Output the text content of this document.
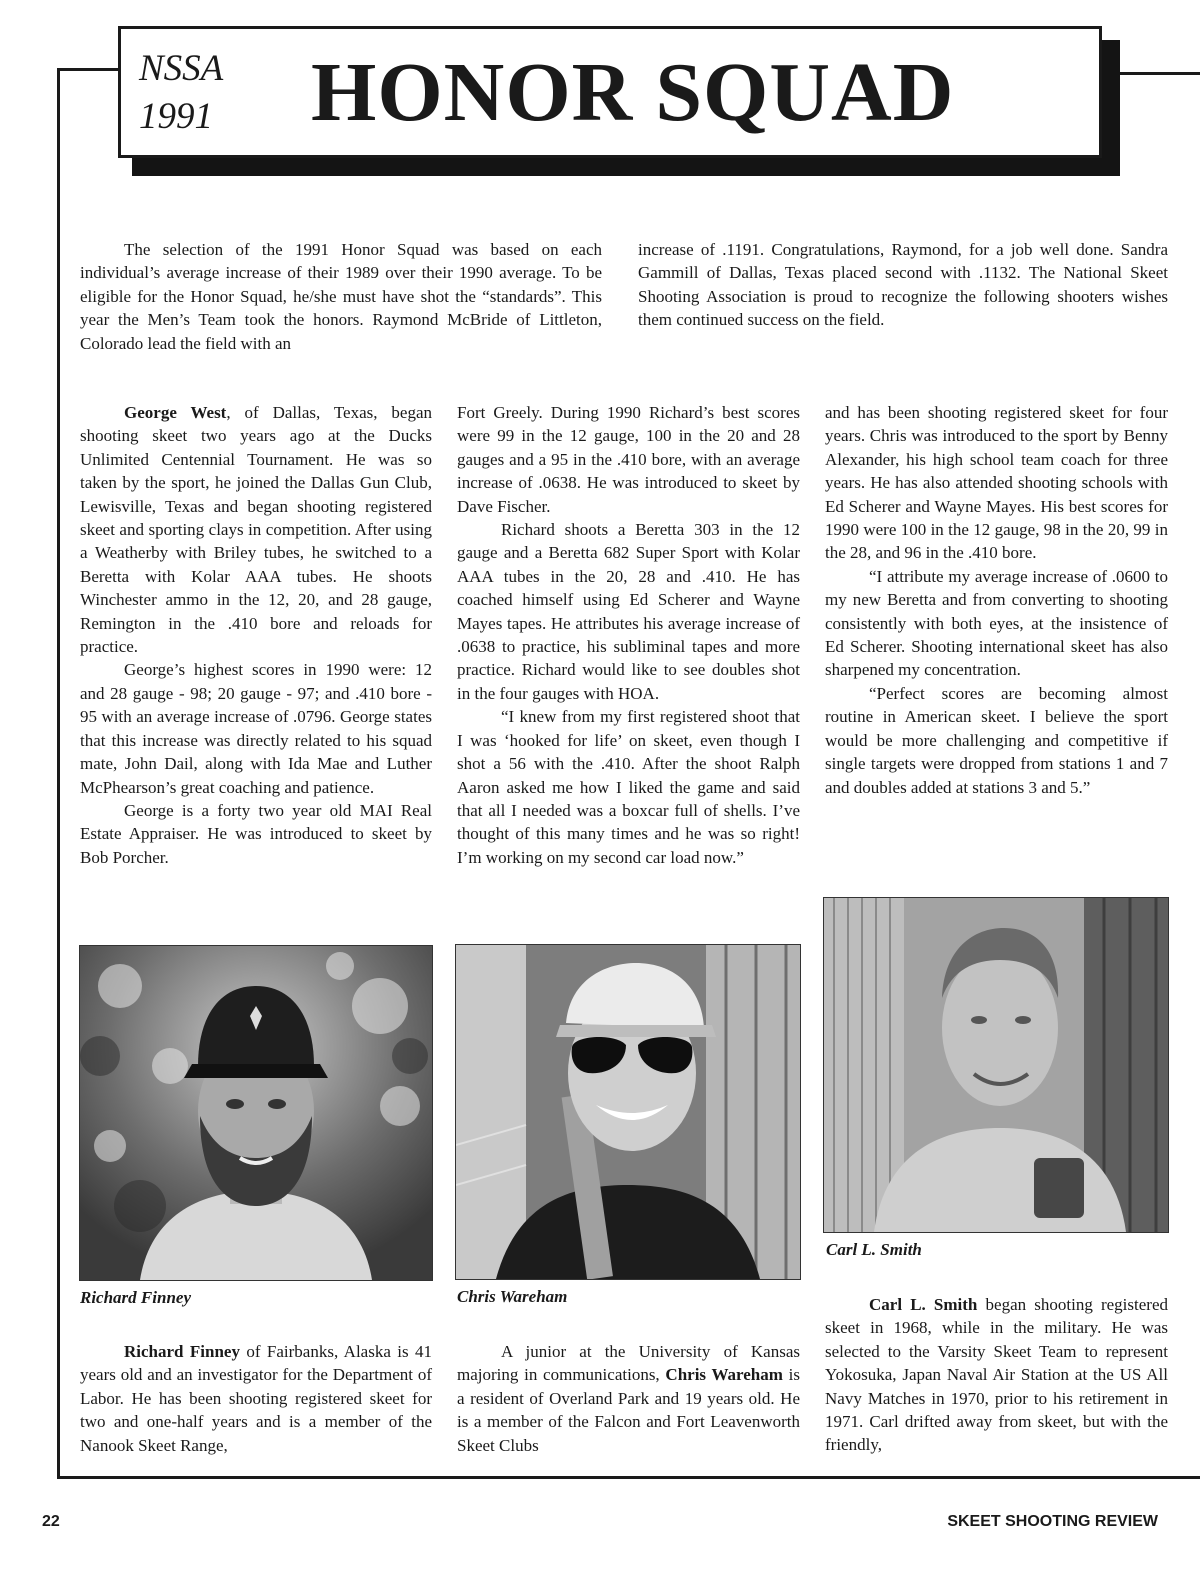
NSSA
1991	HONOR SQUAD

The selection of the 1991 Honor Squad was based on each individual’s average increase of their 1989 over their 1990 average. To be eligible for the Honor Squad, he/she must have shot the “standards”. This year the Men’s Team took the honors. Raymond McBride of Littleton, Colorado lead the field with an

increase of .1191. Congratulations, Raymond, for a job well done. Sandra Gammill of Dallas, Texas placed second with .1132. The National Skeet Shooting Association is proud to recognize the following shooters wishes them continued success on the field.

George West, of Dallas, Texas, began shooting skeet two years ago at the Ducks Unlimited Centennial Tournament. He was so taken by the sport, he joined the Dallas Gun Club, Lewisville, Texas and began shooting registered skeet and sporting clays in competition. After using a Weatherby with Briley tubes, he switched to a Beretta with Kolar AAA tubes. He shoots Winchester ammo in the 12, 20, and 28 gauge, Remington in the .410 bore and reloads for practice.

George’s highest scores in 1990 were: 12 and 28 gauge - 98; 20 gauge - 97; and .410 bore - 95 with an average increase of .0796. George states that this increase was directly related to his squad mate, John Dail, along with Ida Mae and Luther McPhearson’s great coaching and patience.

George is a forty two year old MAI Real Estate Appraiser. He was introduced to skeet by Bob Porcher.

Fort Greely. During 1990 Richard’s best scores were 99 in the 12 gauge, 100 in the 20 and 28 gauges and a 95 in the .410 bore, with an average increase of .0638. He was introduced to skeet by Dave Fischer.

Richard shoots a Beretta 303 in the 12 gauge and a Beretta 682 Super Sport with Kolar AAA tubes in the 20, 28 and .410. He has coached himself using Ed Scherer and Wayne Mayes tapes. He attributes his average increase of .0638 to practice, his subliminal tapes and more practice. Richard would like to see doubles shot in the four gauges with HOA.

“I knew from my first registered shoot that I was ‘hooked for life’ on skeet, even though I shot a 56 with the .410. After the shoot Ralph Aaron asked me how I liked the game and said that all I needed was a boxcar full of shells. I’ve thought of this many times and he was so right! I’m working on my second car load now.”

and has been shooting registered skeet for four years. Chris was introduced to the sport by Benny Alexander, his high school team coach for three years. He has also attended shooting schools with Ed Scherer and Wayne Mayes. His best scores for 1990 were 100 in the 12 gauge, 98 in the 20, 99 in the 28, and 96 in the .410 bore.

“I attribute my average increase of .0600 to my new Beretta and from converting to shooting consistently with both eyes, at the insistence of Ed Scherer. Shooting international skeet has also sharpened my concentration.

“Perfect scores are becoming almost routine in American skeet. I believe the sport would be more challenging and competitive if single targets were dropped from stations 1 and 7 and doubles added at stations 3 and 5.”

Richard Finney	Chris Wareham
Carl L. Smith

Richard Finney of Fairbanks, Alaska is 41 years old and an investigator for the Department of Labor. He has been shooting registered skeet for two and one-half years and is a member of the Nanook Skeet Range,

A junior at the University of Kansas majoring in communications, Chris Wareham is a resident of Overland Park and 19 years old. He is a member of the Falcon and Fort Leavenworth Skeet Clubs

Carl L. Smith began shooting registered skeet in 1968, while in the military. He was selected to the Varsity Skeet Team to represent Yokosuka, Japan Naval Air Station at the US All Navy Matches in 1970, prior to his retirement in 1971. Carl drifted away from skeet, but with the friendly,

22	SKEET SHOOTING REVIEW
